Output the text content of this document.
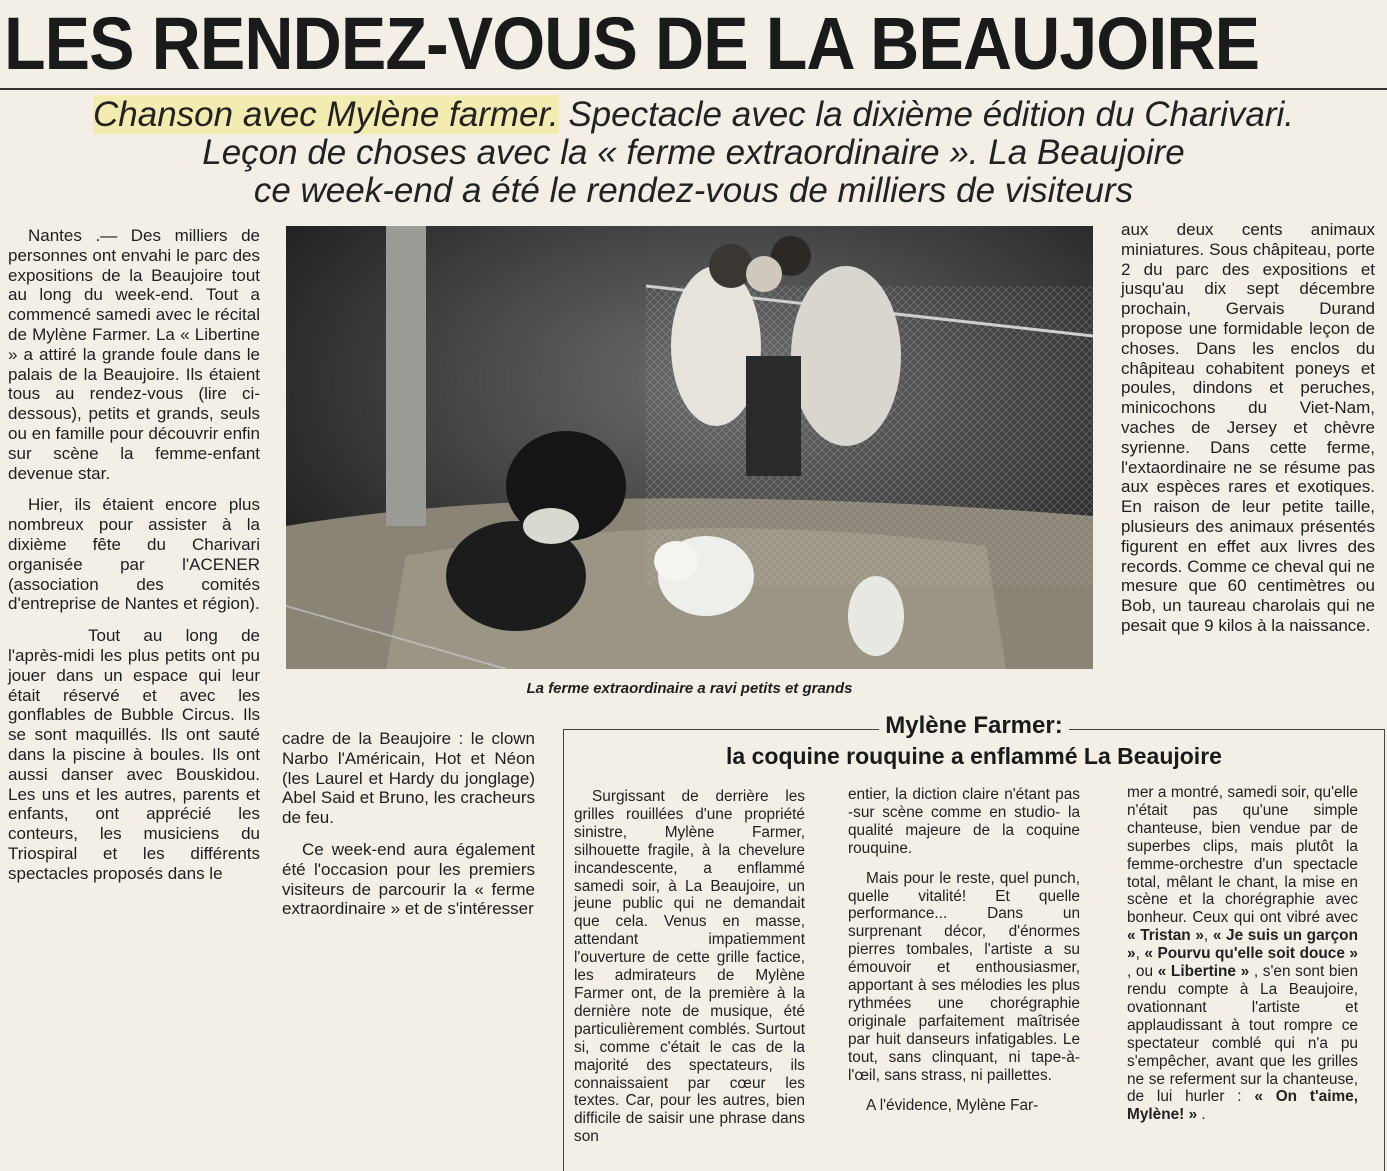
LES RENDEZ-VOUS DE LA BEAUJOIRE
Chanson avec Mylène farmer. Spectacle avec la dixième édition du Charivari.
Leçon de choses avec la « ferme extraordinaire ». La Beaujoire
ce week-end a été le rendez-vous de milliers de visiteurs

Nantes .— Des milliers de personnes ont envahi le parc des expositions de la Beaujoire tout au long du week-end. Tout a commencé samedi avec le récital de Mylène Farmer. La « Libertine » a attiré la grande foule dans le palais de la Beaujoire. Ils étaient tous au rendez-vous (lire ci-dessous), petits et grands, seuls ou en famille pour découvrir enfin sur scène la femme-enfant devenue star.

Hier, ils étaient encore plus nombreux pour assister à la dixième fête du Charivari organisée par l'ACENER (association des comités d'entreprise de Nantes et région).

Tout au long de l'après-midi les plus petits ont pu jouer dans un espace qui leur était réservé et avec les gonflables de Bubble Circus. Ils se sont maquillés. Ils ont sauté dans la piscine à boules. Ils ont aussi danser avec Bouskidou. Les uns et les autres, parents et enfants, ont apprécié les conteurs, les musiciens du Triospiral et les différents spectacles proposés dans le

La ferme extraordinaire a ravi petits et grands

cadre de la Beaujoire : le clown Narbo l'Américain, Hot et Néon (les Laurel et Hardy du jonglage) Abel Said et Bruno, les cracheurs de feu.

Ce week-end aura également été l'occasion pour les premiers visiteurs de parcourir la « ferme extraordinaire » et de s'intéresser

aux deux cents animaux miniatures. Sous châpiteau, porte 2 du parc des expositions et jusqu'au dix sept décembre prochain, Gervais Durand propose une formidable leçon de choses. Dans les enclos du châpiteau cohabitent poneys et poules, dindons et peruches, minicochons du Viet-Nam, vaches de Jersey et chèvre syrienne. Dans cette ferme, l'extaordinaire ne se résume pas aux espèces rares et exotiques. En raison de leur petite taille, plusieurs des animaux présentés figurent en effet aux livres des records. Comme ce cheval qui ne mesure que 60 centimètres ou Bob, un taureau charolais qui ne pesait que 9 kilos à la naissance.

Mylène Farmer:
la coquine rouquine a enflammé La Beaujoire

Surgissant de derrière les grilles rouillées d'une propriété sinistre, Mylène Farmer, silhouette fragile, à la chevelure incandescente, a enflammé samedi soir, à La Beaujoire, un jeune public qui ne demandait que cela. Venus en masse, attendant impatiemment l'ouverture de cette grille factice, les admirateurs de Mylène Farmer ont, de la première à la dernière note de musique, été particulièrement comblés. Surtout si, comme c'était le cas de la majorité des spectateurs, ils connaissaient par cœur les textes. Car, pour les autres, bien difficile de saisir une phrase dans son

entier, la diction claire n'étant pas -sur scène comme en studio- la qualité majeure de la coquine rouquine.

Mais pour le reste, quel punch, quelle vitalité! Et quelle performance... Dans un surprenant décor, d'énormes pierres tombales, l'artiste a su émouvoir et enthousiasmer, apportant à ses mélodies les plus rythmées une chorégraphie originale parfaitement maîtrisée par huit danseurs infatigables. Le tout, sans clinquant, ni tape-à-l'œil, sans strass, ni paillettes.

A l'évidence, Mylène Far-

mer a montré, samedi soir, qu'elle n'était pas qu'une simple chanteuse, bien vendue par de superbes clips, mais plutôt la femme-orchestre d'un spectacle total, mêlant le chant, la mise en scène et la chorégraphie avec bonheur. Ceux qui ont vibré avec « Tristan », « Je suis un garçon », « Pourvu qu'elle soit douce » , ou « Libertine » , s'en sont bien rendu compte à La Beaujoire, ovationnant l'artiste et applaudissant à tout rompre ce spectateur comblé qui n'a pu s'empêcher, avant que les grilles ne se referment sur la chanteuse, de lui hurler : « On t'aime, Mylène! » .
